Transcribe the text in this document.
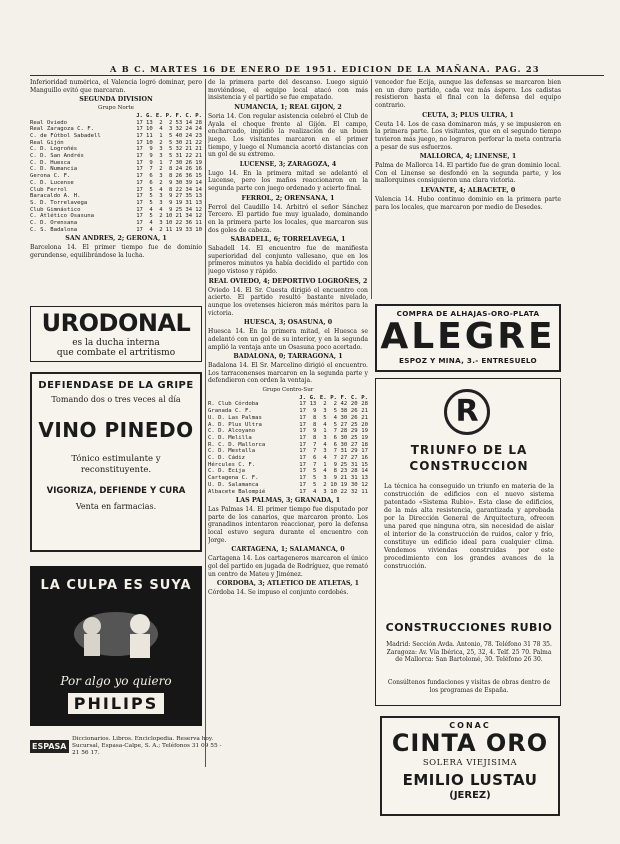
A B C. MARTES 16 DE ENERO DE 1951. EDICION DE LA MAÑANA. PAG. 23

Inferioridad numérica, el Valencia logró dominar, pero Manguillo evitó que marcaran.

SEGUNDA DIVISION
Grupo Norte
	J.	G.	E.	P.	F.	C.	P.
Real Oviedo	17	13	2	2	53	14	28
Real Zaragoza C. F.	17	10	4	3	32	24	24
C. de Fútbol Sabadell	17	11	1	5	40	24	23
Real Gijón	17	10	2	5	30	21	22
C. D. Logroñés	17	9	3	5	32	21	21
C. D. San Andrés	17	9	3	5	31	22	21
C. D. Huesca	17	9	1	7	30	26	19
C. D. Numancia	17	7	2	8	24	26	16
Gerona C. F.	17	6	3	8	26	36	15
C. D. Lucense	17	6	2	9	30	39	14
Club Ferrol	17	5	4	8	22	34	14
Baracaldo A. H.	17	5	3	9	27	35	13
S. D. Torrelavega	17	5	3	9	19	31	13
Club Gimnástico	17	4	4	9	25	34	12
C. Atlético Osasuna	17	5	2	10	21	34	12
C. D. Orensana	17	4	3	10	22	36	11
C. S. Badalona	17	4	2	11	19	33	10
SAN ANDRES, 2; GERONA, 1

Barcelona 14. El primer tiempo fue de dominio gerundense, equilibrándose la lucha.

URODONAL
es la ducha interna
que combate el artritismo
DEFIENDASE DE LA GRIPE
Tomando dos o tres veces al día
VINO PINEDO
Tónico estimulante y reconstituyente.
VIGORIZA, DEFIENDE Y CURA
Venta en farmacias.
LA CULPA ES SUYA
Por algo yo quiero
PHILIPS
ESPASA
Diccionarios. Libros. Enciclopedia. Reserva hoy. Sucursal, Espasa-Calpe, S. A.; Teléfonos 31 09 55 - 21 56 17.

de la primera parte del descanso. Luego siguió moviéndose, el equipo local atacó con más insistencia y el partido se fue empatado.

NUMANCIA, 1; REAL GIJON, 2

Soria 14. Con regular asistencia celebró el Club de Ayala el choque frente al Gijón. El campo, encharcado, impidió la realización de un buen juego. Los visitantes marcaron en el primer tiempo, y luego el Numancia acortó distancias con un gol de su extremo.

LUCENSE, 3; ZARAGOZA, 4

Lugo 14. En la primera mitad se adelantó el Lucense, pero los maños reaccionaron en la segunda parte con juego ordenado y acierto final.

FERROL, 2; ORENSANA, 1

Ferrol del Caudillo 14. Arbitró el señor Sánchez Tercero. El partido fue muy igualado, dominando en la primera parte los locales, que marcaron sus dos goles de cabeza.

SABADELL, 6; TORRELAVEGA, 1

Sabadell 14. El encuentro fue de manifiesta superioridad del conjunto vallesano, que en los primeros minutos ya había decidido el partido con juego vistoso y rápido.

REAL OVIEDO, 4; DEPORTIVO LOGROÑES, 2

Oviedo 14. El Sr. Cuesta dirigió el encuentro con acierto. El partido resultó bastante nivelado, aunque los ovetenses hicieron más méritos para la victoria.

HUESCA, 3; OSASUNA, 0

Huesca 14. En la primera mitad, el Huesca se adelantó con un gol de su interior, y en la segunda amplió la ventaja ante un Osasuna poco acertado.

BADALONA, 0; TARRAGONA, 1

Badalona 14. El Sr. Marcelino dirigió el encuentro. Los tarraconenses marcaron en la segunda parte y defendieron con orden la ventaja.

Grupo Centro-Sur
	J.	G.	E.	P.	F.	C.	P.
R. Club Córdoba	17	13	2	2	42	20	28
Granada C. F.	17	9	3	5	38	26	21
U. D. Las Palmas	17	8	5	4	30	26	21
A. D. Plus Ultra	17	8	4	5	27	25	20
C. D. Alcoyano	17	9	1	7	28	29	19
C. D. Melilla	17	8	3	6	30	25	19
R. C. D. Mallorca	17	7	4	6	30	27	18
C. D. Mestalla	17	7	3	7	31	29	17
C. D. Cádiz	17	6	4	7	27	27	16
Hércules C. F.	17	7	1	9	25	31	15
C. D. Ecija	17	5	4	8	23	28	14
Cartagena C. F.	17	5	3	9	21	31	13
U. D. Salamanca	17	5	2	10	19	30	12
Albacete Balompié	17	4	3	10	22	32	11
LAS PALMAS, 3; GRANADA, 1

Las Palmas 14. El primer tiempo fue disputado por parte de los canarios, que marcaron pronto. Los granadinos intentaron reaccionar, pero la defensa local estuvo segura durante el encuentro con Jorge.

CARTAGENA, 1; SALAMANCA, 0

Cartagena 14. Los cartageneros marcaron el único gol del partido en jugada de Rodríguez, que remató un centro de Mateu y Jiménez.

CORDOBA, 3; ATLETICO DE ATLETAS, 1

Córdoba 14. Se impuso el conjunto cordobés.

vencedor fue Ecija, aunque las defensas se marcaron bien en un duro partido, cada vez más áspero. Los cadistas resistieron hasta el final con la defensa del equipo contrario.

CEUTA, 3; PLUS ULTRA, 1

Ceuta 14. Los de casa dominaron más, y se impusieron en la primera parte. Los visitantes, que en el segundo tiempo tuvieron más juego, no lograron perforar la meta contraria a pesar de sus esfuerzos.

MALLORCA, 4; LINENSE, 1

Palma de Mallorca 14. El partido fue de gran dominio local. Con el Linense se desfondó en la segunda parte, y los mallorquines consiguieron una clara victoria.

LEVANTE, 4; ALBACETE, 0

Valencia 14. Hubo continuo dominio en la primera parte para los locales, que marcaron por medio de Desedes.

COMPRA DE ALHAJAS-ORO-PLATA
ALEGRE
ESPOZ Y MINA, 3.- ENTRESUELO
R
TRIUNFO DE LA
CONSTRUCCION
La técnica ha conseguido un triunfo en materia de la construcción de edificios con el nuevo sistema patentado «Sistema Rubio». Esta clase de edificios, de la más alta resistencia, garantizada y aprobada por la Dirección General de Arquitectura, ofrecen una pared que ninguna otra, sin necesidad de aislar el interior de la construcción de ruidos, calor y frío, constituye un edificio ideal para cualquier clima. Vendemos viviendas construidas por este procedimiento con los grandes avances de la construcción.
CONSTRUCCIONES RUBIO
Madrid: Sección Avda. Antonio, 78. Teléfono 31 78 35. Zaragoza: Av. Vía Ibérica, 25, 32, 4. Telf. 25 70. Palma de Mallorca: San Bartolomé, 30. Teléfono 26 30.
Consúltenos fundaciones y visitas de obras dentro de los programas de España.
CONAC
CINTA ORO
SOLERA VIEJISIMA
EMILIO LUSTAU
(JEREZ)
